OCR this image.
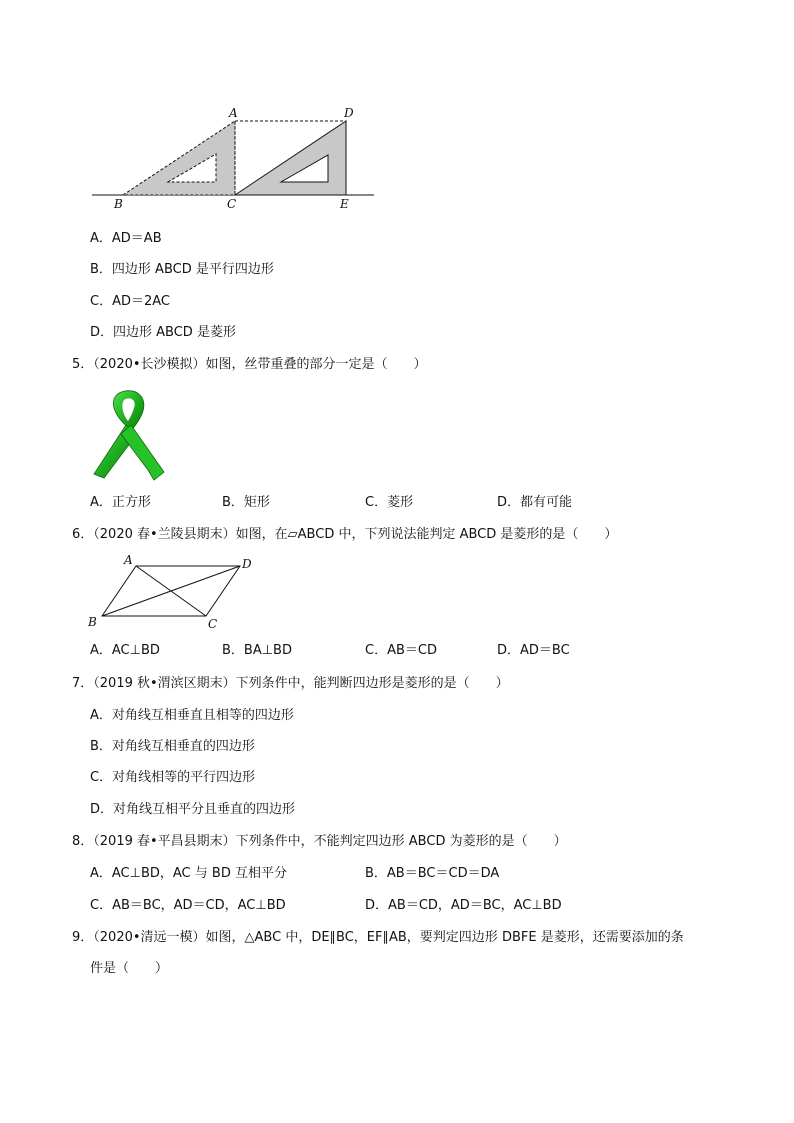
A	D
B	C	E
A．AD＝AB
B．四边形 ABCD 是平行四边形
C．AD＝2AC
D．四边形 ABCD 是菱形
5．（2020•长沙模拟）如图，丝带重叠的部分一定是（　　）
A．正方形	B．矩形	C．菱形	D．都有可能
6．（2020 春•兰陵县期末）如图，在▱ABCD 中，下列说法能判定 ABCD 是菱形的是（　　）
A	D
B	C
A．AC⊥BD	B．BA⊥BD	C．AB＝CD	D．AD＝BC
7．（2019 秋•渭滨区期末）下列条件中，能判断四边形是菱形的是（　　）
A．对角线互相垂直且相等的四边形
B．对角线互相垂直的四边形
C．对角线相等的平行四边形
D．对角线互相平分且垂直的四边形
8．（2019 春•平昌县期末）下列条件中，不能判定四边形 ABCD 为菱形的是（　　）
A．AC⊥BD，AC 与 BD 互相平分	B．AB＝BC＝CD＝DA
C．AB＝BC，AD＝CD，AC⊥BD	D．AB＝CD，AD＝BC，AC⊥BD
9．（2020•清远一模）如图，△ABC 中，DE∥BC，EF∥AB，要判定四边形 DBFE 是菱形，还需要添加的条
件是（　　）
